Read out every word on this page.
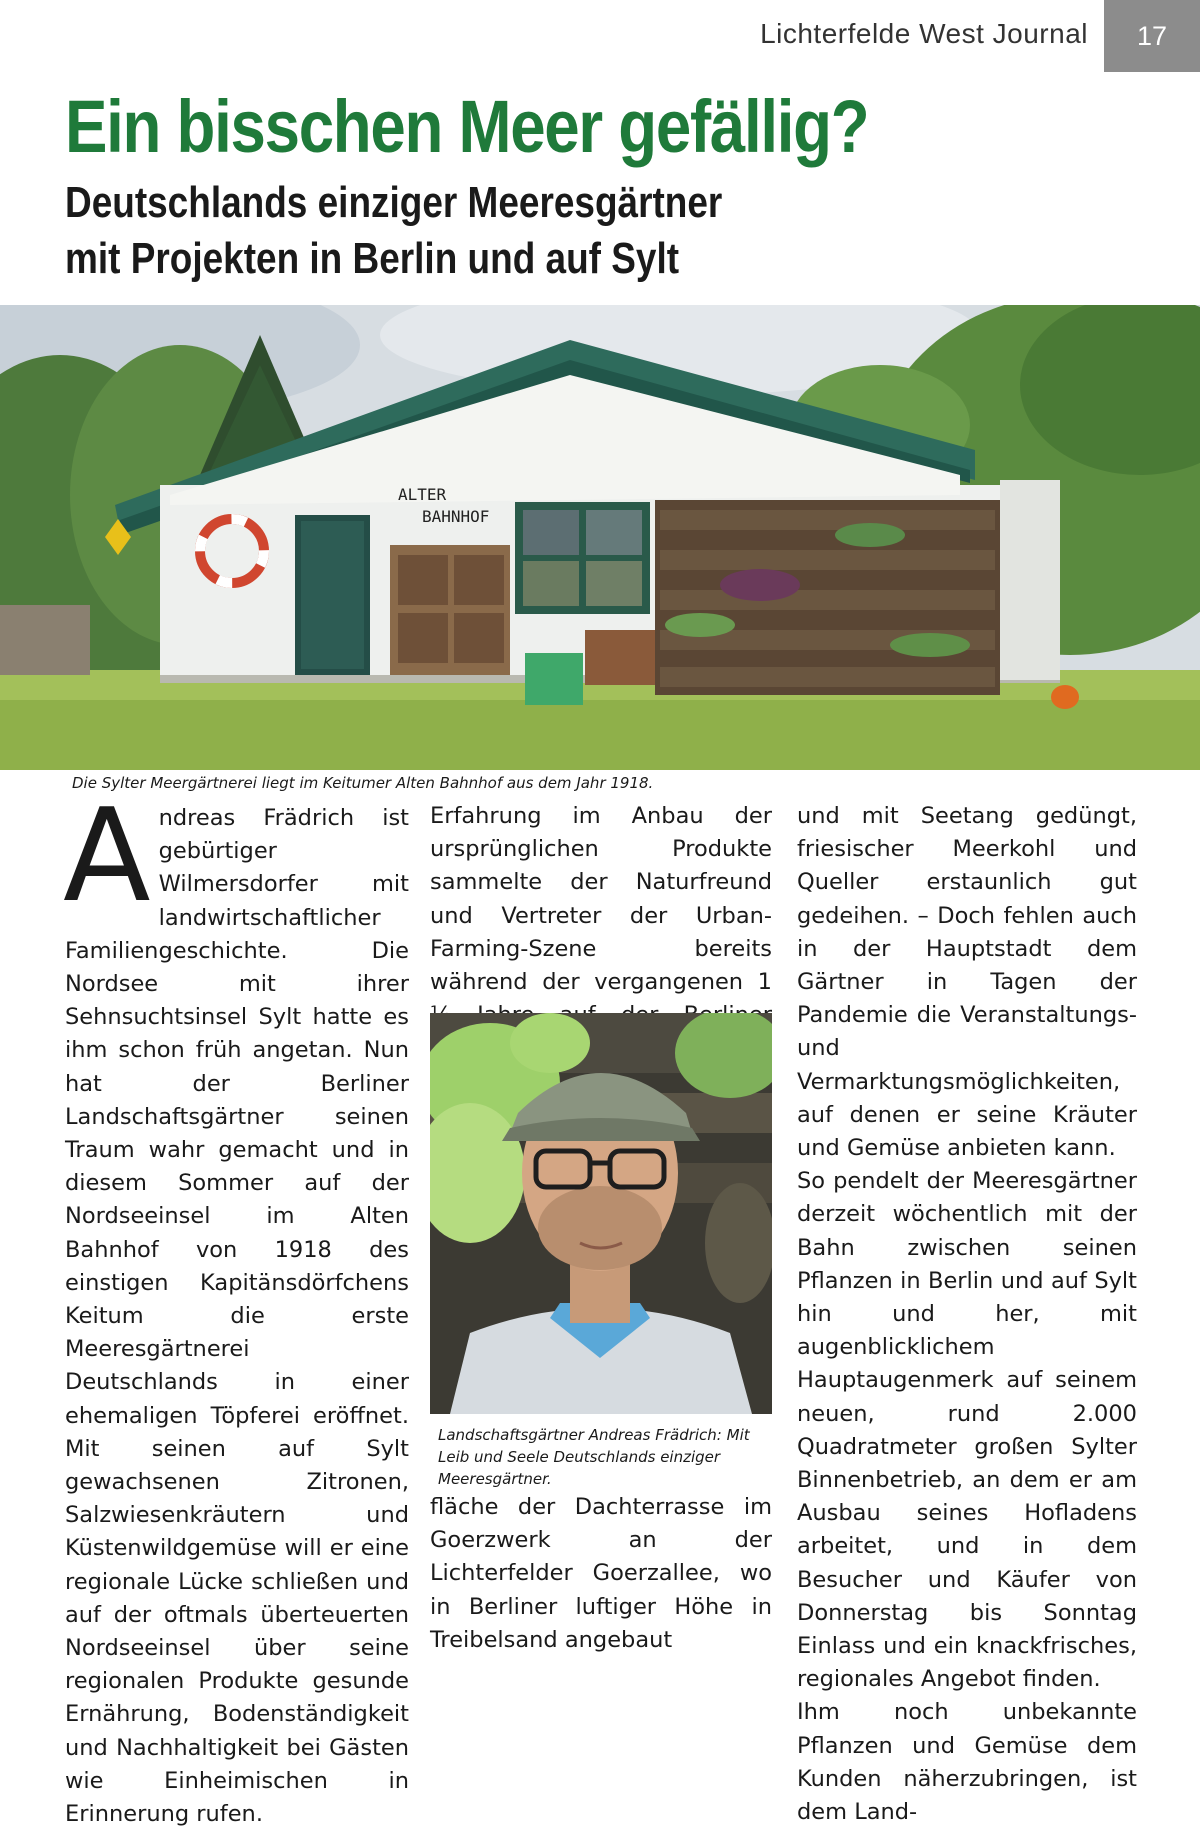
Lichterfelde West Journal	17
Ein bisschen Meer gefällig?
Deutschlands einziger Meeresgärtner
mit Projekten in Berlin und auf Sylt
ALTER
BAHNHOF
Die Sylter Meergärtnerei liegt im Keitumer Alten Bahnhof aus dem Jahr 1918.

Andreas Frädrich ist gebürtiger Wilmersdorfer mit landwirtschaftlicher Familiengeschichte. Die Nordsee mit ihrer Sehnsuchtsinsel Sylt hatte es ihm schon früh angetan. Nun hat der Berliner Landschaftsgärtner seinen Traum wahr gemacht und in diesem Sommer auf der Nordseeinsel im Alten Bahnhof von 1918 des einstigen Kapitänsdörfchens Keitum die erste Meeresgärtnerei Deutschlands in einer ehemaligen Töpferei eröffnet. Mit seinen auf Sylt gewachsenen Zitronen, Salzwiesenkräutern und Küstenwildgemüse will er eine regionale Lücke schließen und auf der oftmals überteuerten Nordseeinsel über seine regionalen Produkte gesunde Ernährung, Bodenständigkeit und Nachhaltigkeit bei Gästen wie Einheimischen in Erinnerung rufen.

Erfahrung im Anbau der ursprünglichen Produkte sammelte der Naturfreund und Vertreter der Urban-Farming-Szene bereits während der vergangenen 1

Landschaftsgärtner Andreas Frädrich: Mit Leib und Seele Deutschlands einziger Meeresgärtner.

fläche der Dachterrasse im Goerzwerk an der Lichterfelder Goerzallee, wo in Berliner luftiger Höhe in Treibelsand angebaut

und mit Seetang gedüngt, friesischer Meerkohl und Queller erstaunlich gut gedeihen. – Doch fehlen auch in der Hauptstadt dem Gärtner in Tagen der Pandemie die Veranstaltungs- und Vermarktungsmöglichkeiten, auf denen er seine Kräuter und Gemüse anbieten kann.

So pendelt der Meeresgärtner derzeit wöchentlich mit der Bahn zwischen seinen Pflanzen in Berlin und auf Sylt hin und her, mit augenblicklichem Hauptaugenmerk auf seinem neuen, rund 2.000 Quadratmeter großen Sylter Binnenbetrieb, an dem er am Ausbau seines Hofladens arbeitet, und in dem Besucher und Käufer von Donnerstag bis Sonntag Einlass und ein knackfrisches, regionales Angebot finden.

Ihm noch unbekannte Pflanzen und Gemüse dem Kunden näherzubringen, ist dem Land-
